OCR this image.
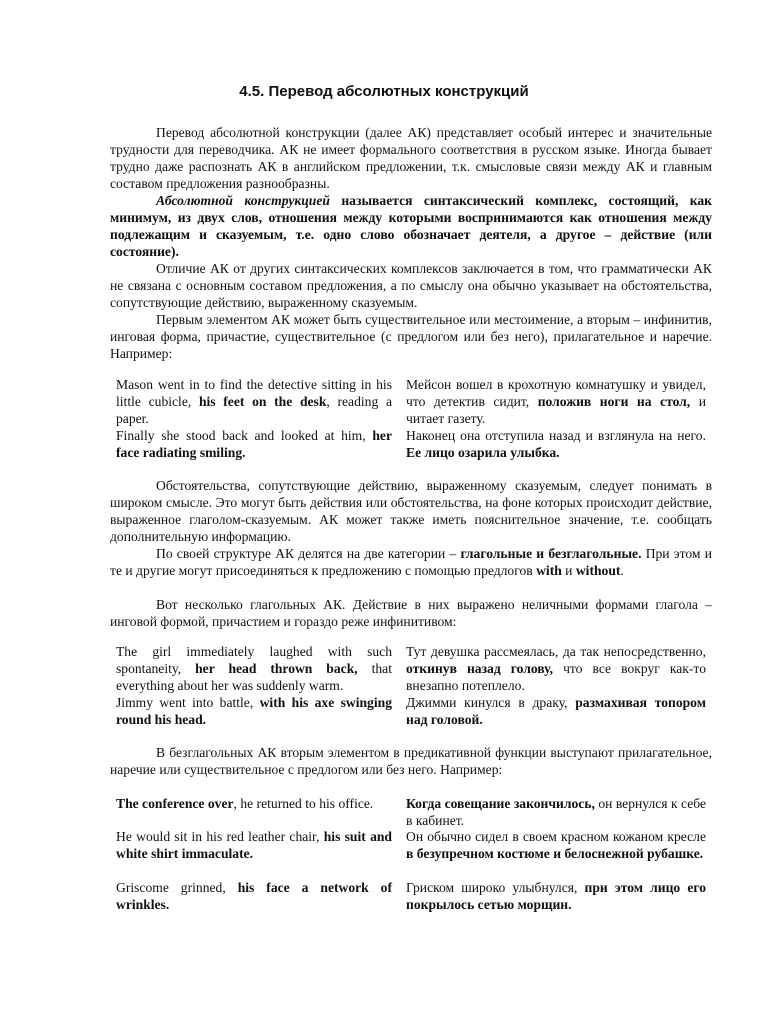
4.5. Перевод абсолютных конструкций

Перевод абсолютной конструкции (далее АК) представляет особый интерес и значительные трудности для переводчика. АК не имеет формального соответствия в русском языке. Иногда бывает трудно даже распознать АК в английском предложении, т.к. смысловые связи между АК и главным составом предложения разнообразны.

Абсолютной конструкцией называется синтаксический комплекс, состоящий, как минимум, из двух слов, отношения между которыми воспринимаются как отношения между подлежащим и сказуемым, т.е. одно слово обозначает деятеля, а другое – действие (или состояние).

Отличие АК от других синтаксических комплексов заключается в том, что грамматически АК не связана с основным составом предложения, а по смыслу она обычно указывает на обстоятельства, сопутствующие действию, выраженному сказуемым.

Первым элементом АК может быть существительное или местоимение, а вторым – инфинитив, инговая форма, причастие, существительное (с предлогом или без него), прилагательное и наречие. Например:

Mason went in to find the detective sitting in his little cubicle, his feet on the desk, reading a paper.

Мейсон вошел в крохотную комнатушку и увидел, что детектив сидит, положив ноги на стол, и читает газету.

Finally she stood back and looked at him, her face radiating smiling.

Наконец она отступила назад и взглянула на него. Ее лицо озарила улыбка.

Обстоятельства, сопутствующие действию, выраженному сказуемым, следует понимать в широком смысле. Это могут быть действия или обстоятельства, на фоне которых происходит действие, выраженное глаголом-сказуемым. АК может также иметь пояснительное значение, т.е. сообщать дополнительную информацию.

По своей структуре АК делятся на две категории – глагольные и безглагольные. При этом и те и другие могут присоединяться к предложению с помощью предлогов with и without.

Вот несколько глагольных АК. Действие в них выражено неличными формами глагола – инговой формой, причастием и гораздо реже инфинитивом:

The girl immediately laughed with such spontaneity, her head thrown back, that everything about her was suddenly warm.

Тут девушка рассмеялась, да так непосредственно, откинув назад голову, что все вокруг как-то внезапно потеплело.

Jimmy went into battle, with his axe swinging round his head.

Джимми кинулся в драку, размахивая топором над головой.

В безглагольных АК вторым элементом в предикативной функции выступают прилагательное, наречие или существительное с предлогом или без него. Например:

The conference over, he returned to his office.	Когда совещание закончилось, он вернулся к себе в кабинет.

He would sit in his red leather chair, his suit and white shirt immaculate.

Он обычно сидел в своем красном кожаном кресле в безупречном костюме и белоснежной рубашке.

Griscome grinned, his face a network of wrinkles.

Гриском широко улыбнулся, при этом лицо его покрылось сетью морщин.
